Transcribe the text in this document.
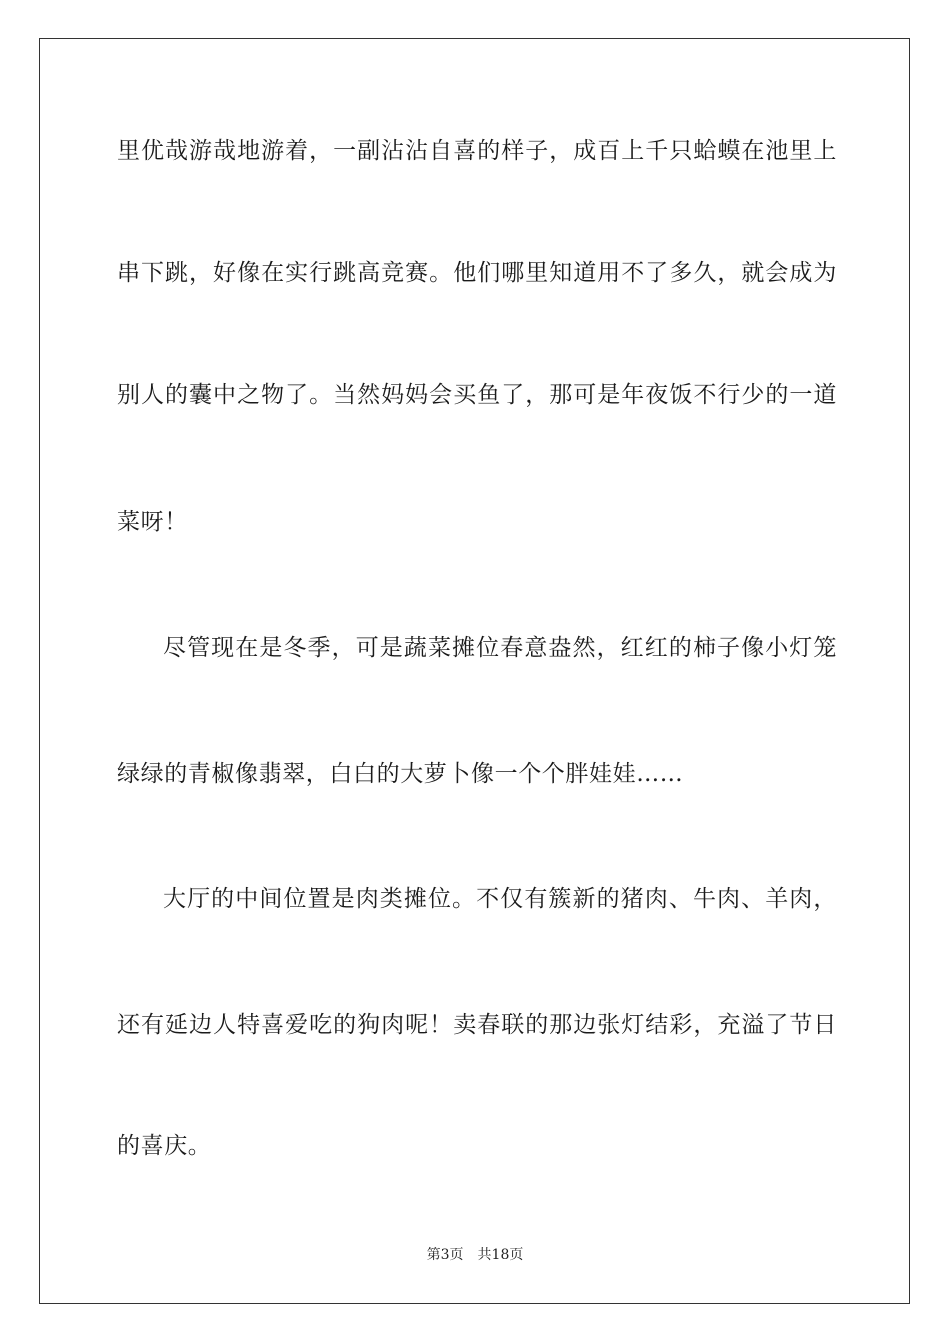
里优哉游哉地游着，一副沾沾自喜的样子，成百上千只蛤蟆在池里上
串下跳，好像在实行跳高竞赛。他们哪里知道用不了多久，就会成为
别人的囊中之物了。当然妈妈会买鱼了，那可是年夜饭不行少的一道
菜呀！
尽管现在是冬季，可是蔬菜摊位春意盎然，红红的柿子像小灯笼
绿绿的青椒像翡翠，白白的大萝卜像一个个胖娃娃……
大厅的中间位置是肉类摊位。不仅有簇新的猪肉、牛肉、羊肉，
还有延边人特喜爱吃的狗肉呢！卖春联的那边张灯结彩，充溢了节日
的喜庆。
第3页 共18页
